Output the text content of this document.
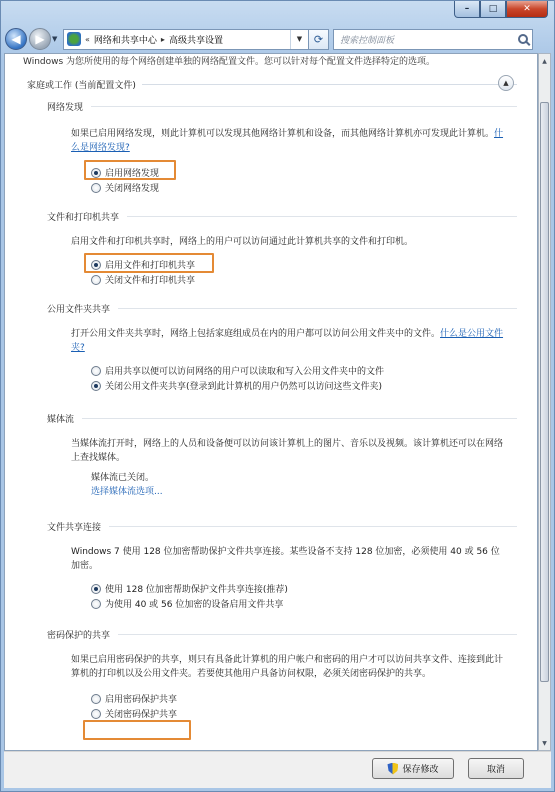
– □	✕
◀ ▶ ▼	« 网络和共享中心 ▸ 高级共享设置	▼	⟳	搜索控制面板
Windows 为您所使用的每个网络创建单独的网络配置文件。您可以针对每个配置文件选择特定的选项。
家庭或工作 (当前配置文件)	▲
网络发现
如果已启用网络发现，则此计算机可以发现其他网络计算机和设备，而其他网络计算机亦可发现此计算机。什么是网络发现?
启用网络发现
关闭网络发现
文件和打印机共享
启用文件和打印机共享时，网络上的用户可以访问通过此计算机共享的文件和打印机。
启用文件和打印机共享
关闭文件和打印机共享
公用文件夹共享
打开公用文件夹共享时，网络上包括家庭组成员在内的用户都可以访问公用文件夹中的文件。什么是公用文件夹?
启用共享以便可以访问网络的用户可以读取和写入公用文件夹中的文件
关闭公用文件夹共享(登录到此计算机的用户仍然可以访问这些文件夹)
媒体流
当媒体流打开时，网络上的人员和设备便可以访问该计算机上的图片、音乐以及视频。该计算机还可以在网络上查找媒体。
媒体流已关闭。
选择媒体流选项...
文件共享连接
Windows 7 使用 128 位加密帮助保护文件共享连接。某些设备不支持 128 位加密，必须使用 40 或 56 位加密。
使用 128 位加密帮助保护文件共享连接(推荐)
为使用 40 或 56 位加密的设备启用文件共享
密码保护的共享
如果已启用密码保护的共享，则只有具备此计算机的用户帐户和密码的用户才可以访问共享文件、连接到此计算机的打印机以及公用文件夹。若要使其他用户具备访问权限，必须关闭密码保护的共享。
启用密码保护共享
关闭密码保护共享
▲
▼
保存修改	取消
